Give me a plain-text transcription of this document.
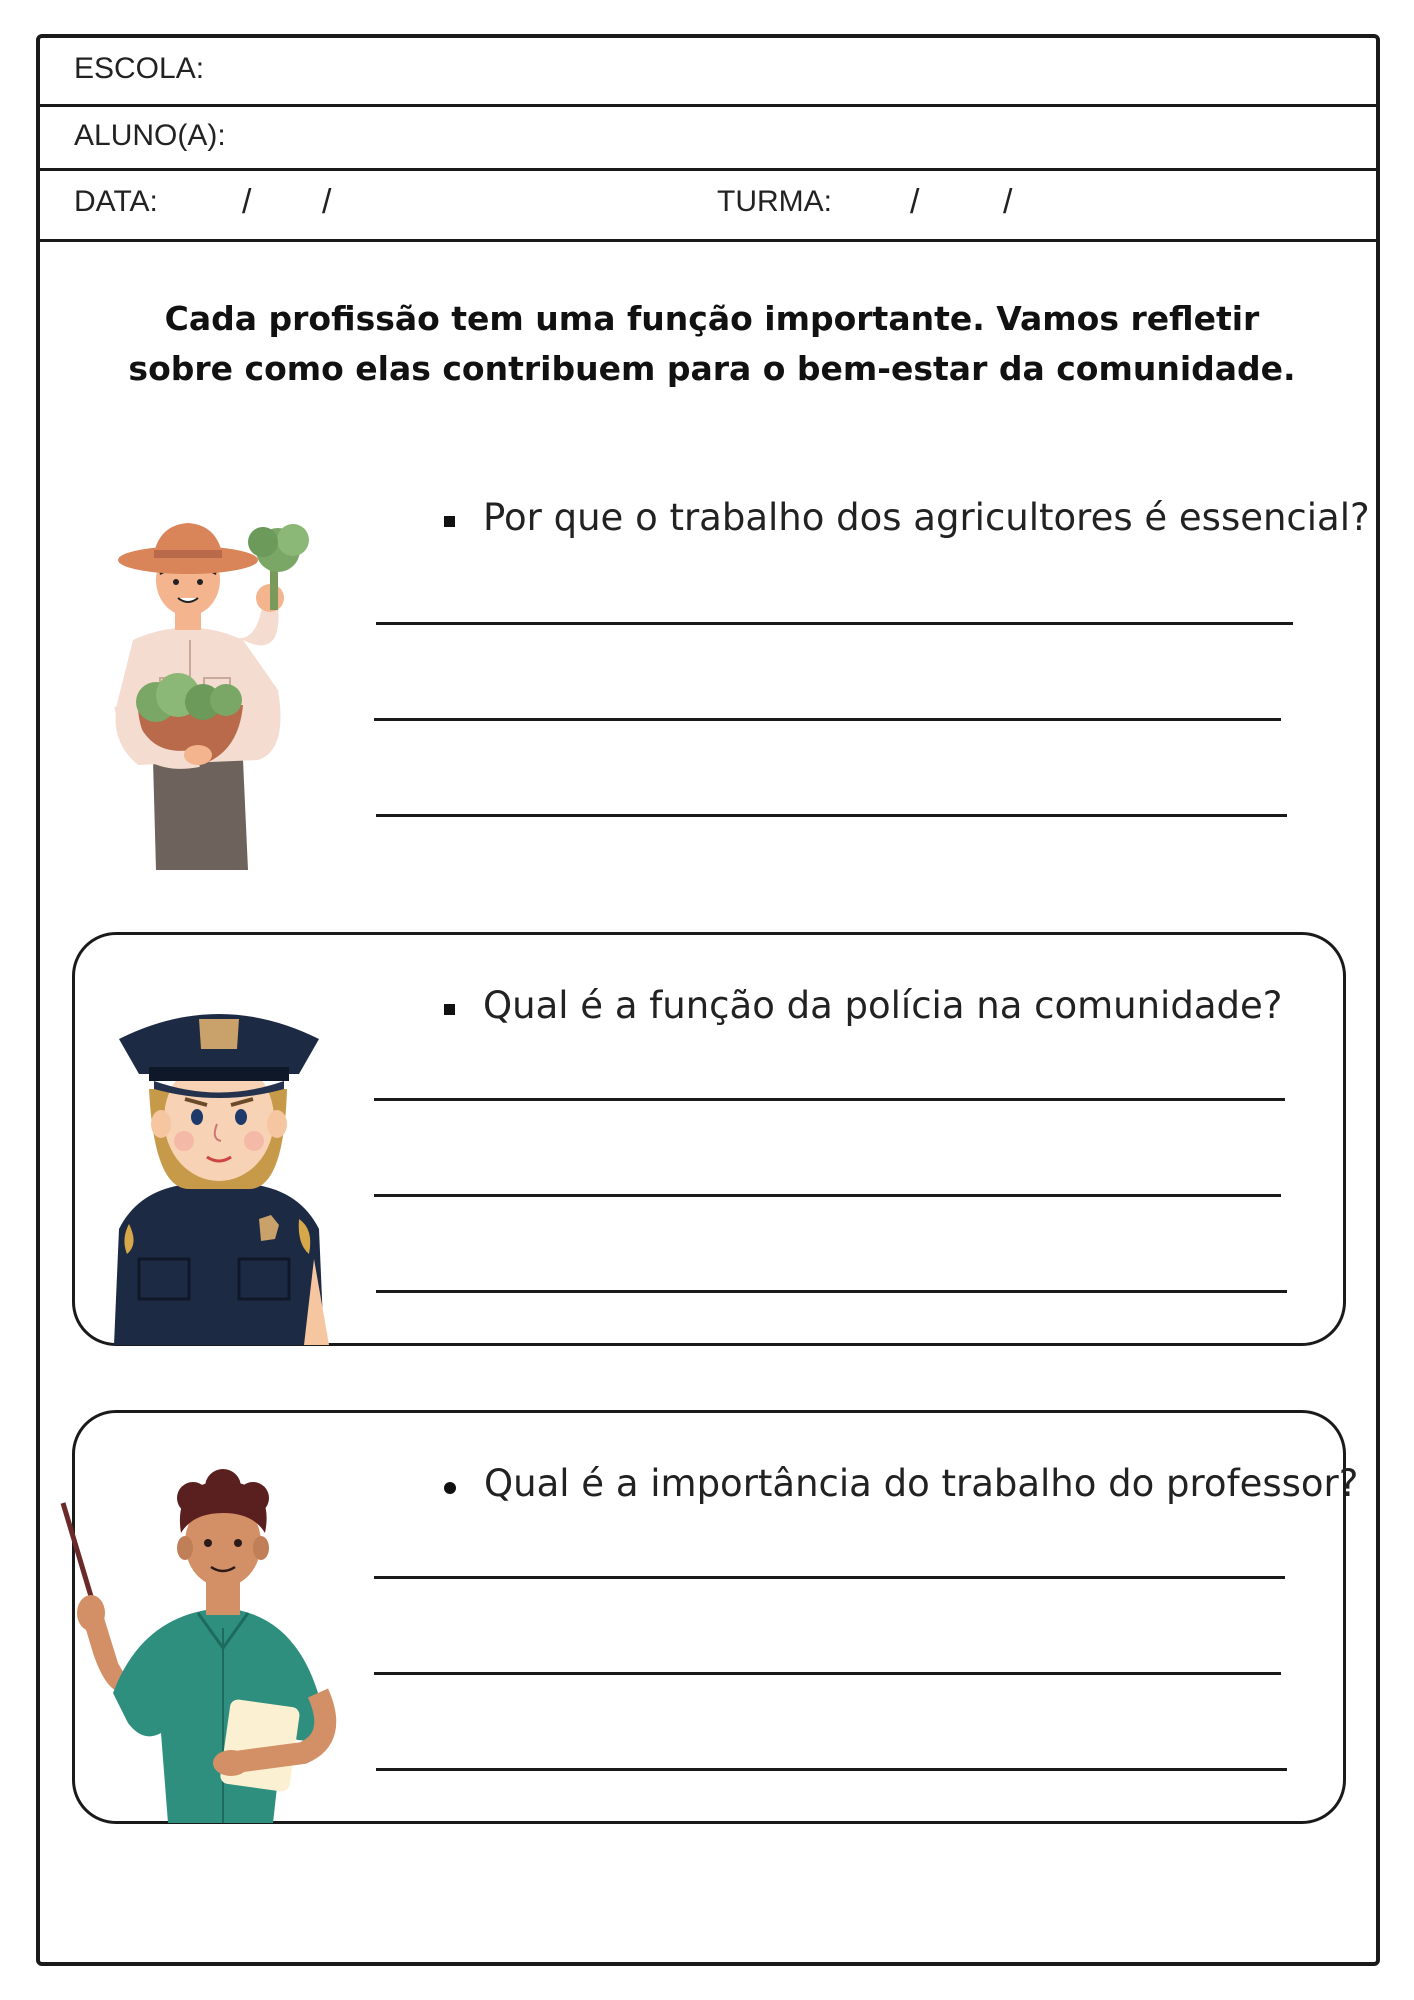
ESCOLA:
ALUNO(A):
DATA: / /	TURMA: / /
Cada profissão tem uma função importante. Vamos refletir
sobre como elas contribuem para o bem-estar da comunidade.
Por que o trabalho dos agricultores é essencial?
Qual é a função da polícia na comunidade?
Qual é a importância do trabalho do professor?
